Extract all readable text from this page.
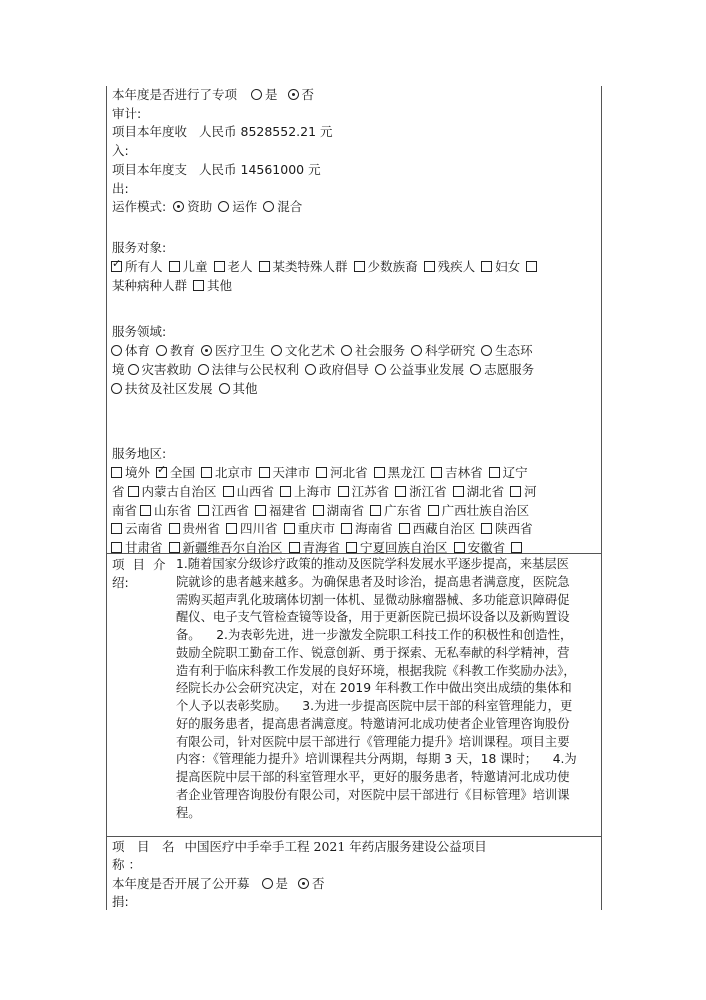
本年度是否进行了专项 是 否
审计:
项目本年度收 人民币 8528552.21 元
入:
项目本年度支 人民币 14561000 元
出:
运作模式: 资助 运作 混合
服务对象:
✓所有人 儿童 老人 某类特殊人群 少数族裔 残疾人 妇女
某种病种人群 其他
服务领域:
体育 教育 医疗卫生 文化艺术 社会服务 科学研究 生态环
境 灾害救助 法律与公民权利 政府倡导 公益事业发展 志愿服务
扶贫及社区发展 其他
服务地区:
境外✓ 全国 北京市 天津市 河北省 黑龙江 吉林省 辽宁
省 内蒙古自治区 山西省 上海市 江苏省 浙江省 湖北省 河
南省 山东省 江西省 福建省 湖南省 广东省 广西壮族自治区
云南省 贵州省 四川省 重庆市 海南省 西藏自治区 陕西省
甘肃省 新疆维吾尔自治区 青海省 宁夏回族自治区 安徽省
项 目 介
绍:
1.随着国家分级诊疗政策的推动及医院学科发展水平逐步提高，来基层医
院就诊的患者越来越多。为确保患者及时诊治，提高患者满意度，医院急
需购买超声乳化玻璃体切割一体机、显微动脉瘤器械、多功能意识障碍促
醒仪、电子支气管检查镜等设备，用于更新医院已损坏设备以及新购置设
备。    2.为表彰先进，进一步激发全院职工科技工作的积极性和创造性，
鼓励全院职工勤奋工作、锐意创新、勇于探索、无私奉献的科学精神，营
造有利于临床科教工作发展的良好环境，根据我院《科教工作奖励办法》，
经院长办公会研究决定，对在 2019 年科教工作中做出突出成绩的集体和
个人予以表彰奖励。    3.为进一步提高医院中层干部的科室管理能力，更
好的服务患者，提高患者满意度。特邀请河北成功使者企业管理咨询股份
有限公司，针对医院中层干部进行《管理能力提升》培训课程。项目主要
内容：《管理能力提升》培训课程共分两期，每期 3 天，18 课时；    4.为
提高医院中层干部的科室管理水平，更好的服务患者，特邀请河北成功使
者企业管理咨询股份有限公司，对医院中层干部进行《目标管理》培训课
程。
项　目　名 中国医疗中手牵手工程 2021 年药店服务建设公益项目
称 ：
本年度是否开展了公开募 是 否
捐:
